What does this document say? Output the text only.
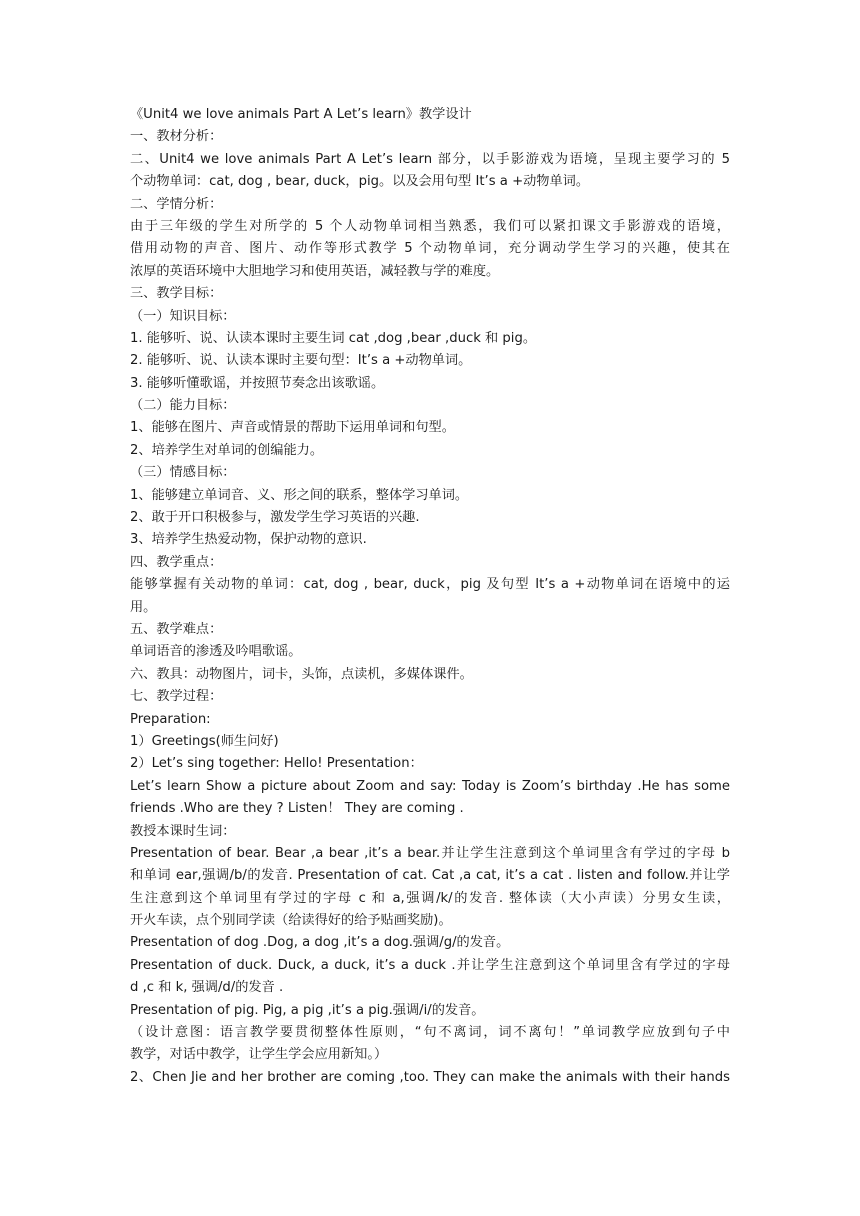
《Unit4 we love animals Part A Let’s learn》教学设计
一、教材分析：
二、Unit4 we love animals Part A Let’s learn 部分，以手影游戏为语境，呈现主要学习的 5
个动物单词：cat, dog , bear, duck，pig。以及会用句型 It’s a +动物单词。
二、学情分析：
由于三年级的学生对所学的 5 个人动物单词相当熟悉，我们可以紧扣课文手影游戏的语境，
借用动物的声音、图片、动作等形式教学 5 个动物单词，充分调动学生学习的兴趣，使其在
浓厚的英语环境中大胆地学习和使用英语，减轻教与学的难度。
三、教学目标：
（一）知识目标：
1. 能够听、说、认读本课时主要生词 cat ,dog ,bear ,duck 和 pig。
2. 能够听、说、认读本课时主要句型：It’s a +动物单词。
3. 能够听懂歌谣，并按照节奏念出该歌谣。
（二）能力目标：
1、能够在图片、声音或情景的帮助下运用单词和句型。
2、培养学生对单词的创编能力。
（三）情感目标：
1、能够建立单词音、义、形之间的联系，整体学习单词。
2、敢于开口积极参与，激发学生学习英语的兴趣.
3、培养学生热爱动物，保护动物的意识.
四、教学重点：
能够掌握有关动物的单词：cat, dog , bear, duck，pig 及句型 It’s a +动物单词在语境中的运
用。
五、教学难点：
单词语音的渗透及吟唱歌谣。
六、教具：动物图片，词卡，头饰，点读机，多媒体课件。
七、教学过程：
Preparation:
1）Greetings(师生问好)
2）Let’s sing together: Hello! Presentation：
Let’s learn Show a picture about Zoom and say: Today is Zoom’s birthday .He has some
friends .Who are they ? Listen！ They are coming .
教授本课时生词：
Presentation of bear. Bear ,a bear ,it’s a bear.并让学生注意到这个单词里含有学过的字母 b
和单词 ear,强调/b/的发音. Presentation of cat. Cat ,a cat, it’s a cat . listen and follow.并让学
生注意到这个单词里有学过的字母 c 和 a,强调/k/的发音. 整体读（大小声读）分男女生读，
开火车读，点个别同学读（给读得好的给予贴画奖励)。
Presentation of dog .Dog, a dog ,it’s a dog.强调/g/的发音。
Presentation of duck. Duck, a duck, it’s a duck .并让学生注意到这个单词里含有学过的字母
d ,c 和 k, 强调/d/的发音 .
Presentation of pig. Pig, a pig ,it’s a pig.强调/i/的发音。
（设计意图：语言教学要贯彻整体性原则，“句不离词，词不离句！”单词教学应放到句子中
教学，对话中教学，让学生学会应用新知。）
2、Chen Jie and her brother are coming ,too. They can make the animals with their hands
